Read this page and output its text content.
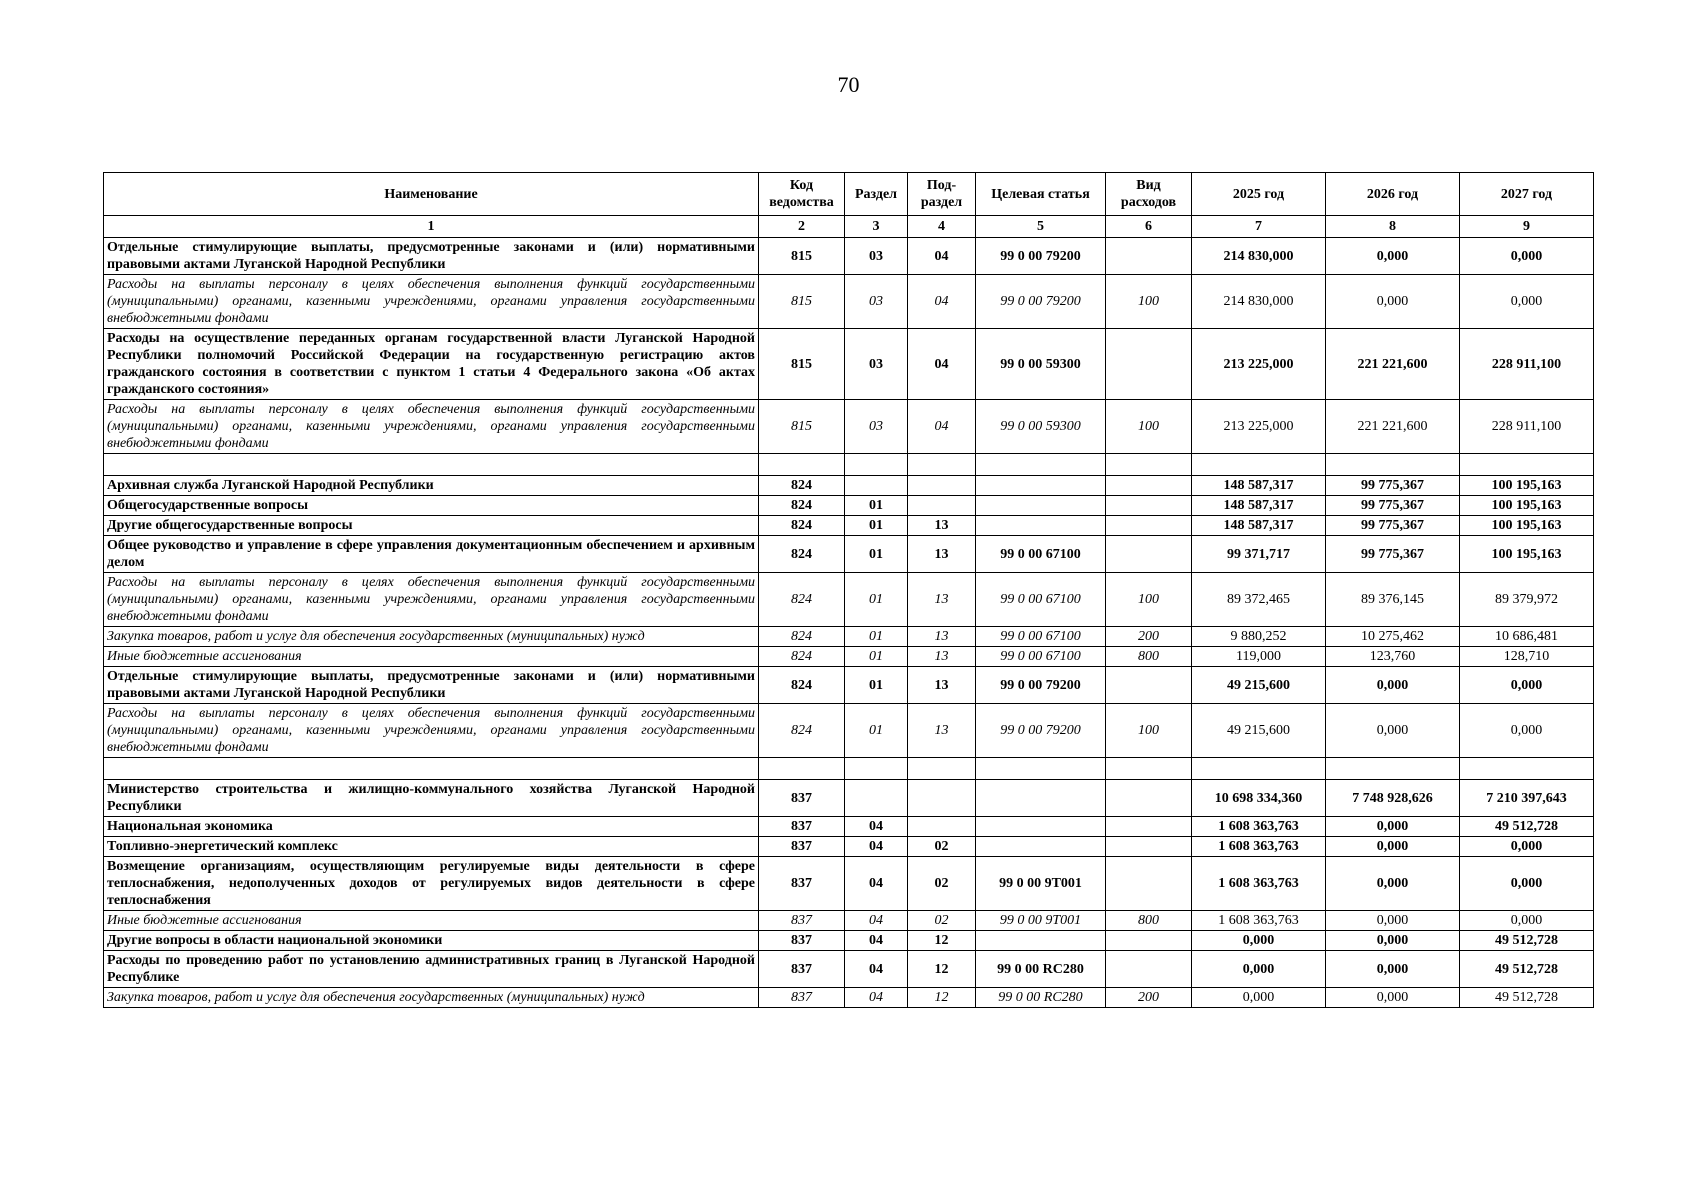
70
Наименование	Код ведомства	Раздел	Под-раздел	Целевая статья	Вид расходов	2025 год	2026 год	2027 год
1	2	3	4	5	6	7	8	9
Отдельные стимулирующие выплаты, предусмотренные законами и (или) нормативными правовыми актами Луганской Народной Республики	815	03	04	99 0 00 79200		214 830,000	0,000	0,000
Расходы на выплаты персоналу в целях обеспечения выполнения функций государственными (муниципальными) органами, казенными учреждениями, органами управления государственными внебюджетными фондами	815	03	04	99 0 00 79200	100	214 830,000	0,000	0,000
Расходы на осуществление переданных органам государственной власти Луганской Народной Республики полномочий Российской Федерации на государственную регистрацию актов гражданского состояния в соответствии с пунктом 1 статьи 4 Федерального закона «Об актах гражданского состояния»	815	03	04	99 0 00 59300		213 225,000	221 221,600	228 911,100
Расходы на выплаты персоналу в целях обеспечения выполнения функций государственными (муниципальными) органами, казенными учреждениями, органами управления государственными внебюджетными фондами	815	03	04	99 0 00 59300	100	213 225,000	221 221,600	228 911,100

Архивная служба Луганской Народной Республики	824					148 587,317	99 775,367	100 195,163
Общегосударственные вопросы	824	01				148 587,317	99 775,367	100 195,163
Другие общегосударственные вопросы	824	01	13			148 587,317	99 775,367	100 195,163
Общее руководство и управление в сфере управления документационным обеспечением и архивным делом	824	01	13	99 0 00 67100		99 371,717	99 775,367	100 195,163
Расходы на выплаты персоналу в целях обеспечения выполнения функций государственными (муниципальными) органами, казенными учреждениями, органами управления государственными внебюджетными фондами	824	01	13	99 0 00 67100	100	89 372,465	89 376,145	89 379,972
Закупка товаров, работ и услуг для обеспечения государственных (муниципальных) нужд	824	01	13	99 0 00 67100	200	9 880,252	10 275,462	10 686,481
Иные бюджетные ассигнования	824	01	13	99 0 00 67100	800	119,000	123,760	128,710
Отдельные стимулирующие выплаты, предусмотренные законами и (или) нормативными правовыми актами Луганской Народной Республики	824	01	13	99 0 00 79200		49 215,600	0,000	0,000
Расходы на выплаты персоналу в целях обеспечения выполнения функций государственными (муниципальными) органами, казенными учреждениями, органами управления государственными внебюджетными фондами	824	01	13	99 0 00 79200	100	49 215,600	0,000	0,000

Министерство строительства и жилищно-коммунального хозяйства Луганской Народной Республики	837					10 698 334,360	7 748 928,626	7 210 397,643
Национальная экономика	837	04				1 608 363,763	0,000	49 512,728
Топливно-энергетический комплекс	837	04	02			1 608 363,763	0,000	0,000
Возмещение организациям, осуществляющим регулируемые виды деятельности в сфере теплоснабжения, недополученных доходов от регулируемых видов деятельности в сфере теплоснабжения	837	04	02	99 0 00 9T001		1 608 363,763	0,000	0,000
Иные бюджетные ассигнования	837	04	02	99 0 00 9T001	800	1 608 363,763	0,000	0,000
Другие вопросы в области национальной экономики	837	04	12			0,000	0,000	49 512,728
Расходы по проведению работ по установлению административных границ в Луганской Народной Республике	837	04	12	99 0 00 RC280		0,000	0,000	49 512,728
Закупка товаров, работ и услуг для обеспечения государственных (муниципальных) нужд	837	04	12	99 0 00 RC280	200	0,000	0,000	49 512,728
